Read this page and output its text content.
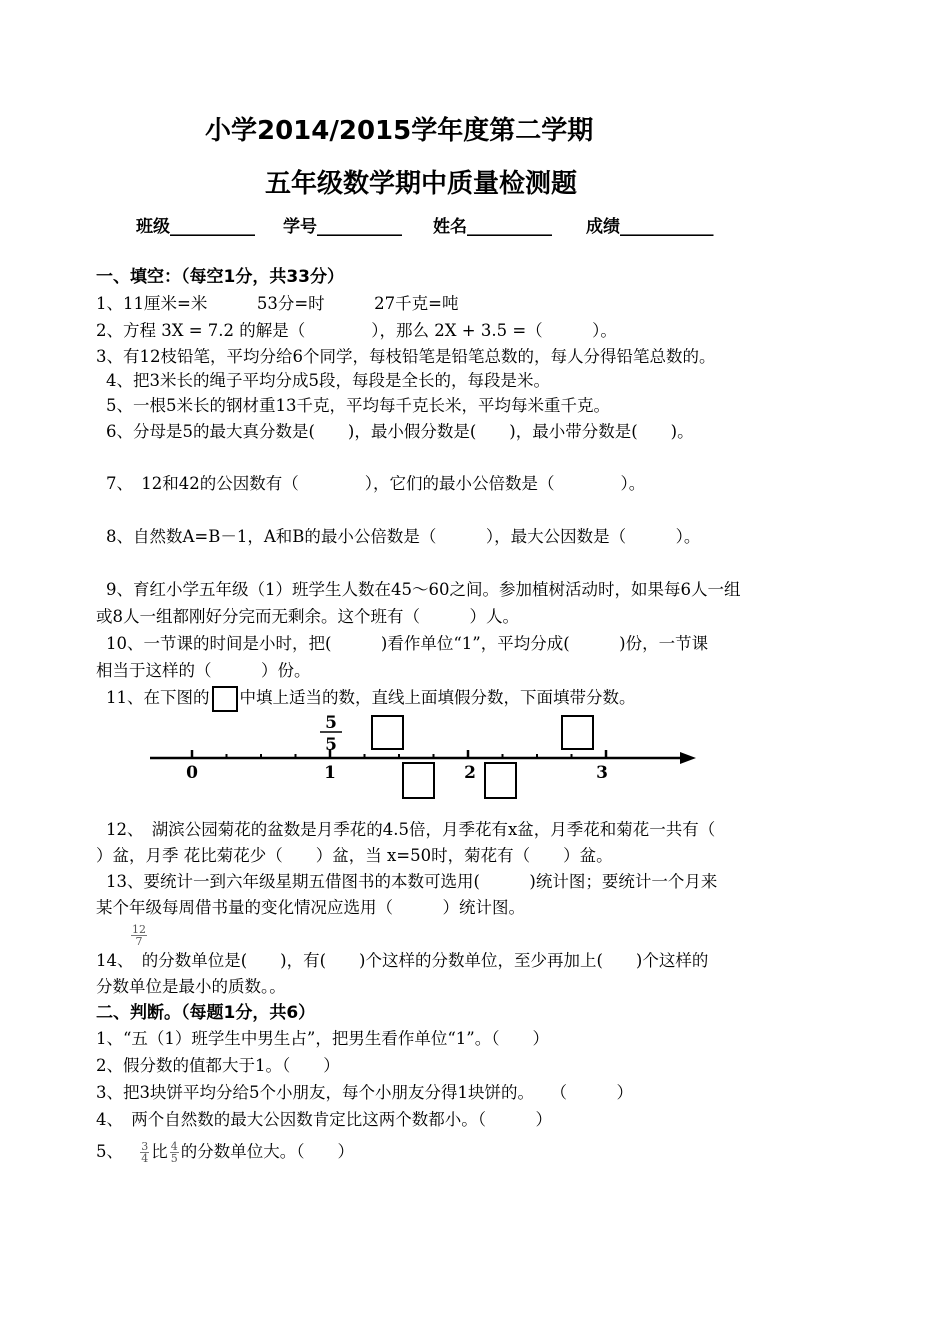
小学2014/2015学年度第二学期
五年级数学期中质量检测题
班级__________ 学号__________ 姓名__________ 成绩___________
一、填空：（每空1分，共33分）
1、11厘米=米　　　53分=时　　　27千克=吨
2、方程 3X = 7.2 的解是（　　　　），那么 2X + 3.5 =（　　　）。
3、有12枝铅笔，平均分给6个同学，每枝铅笔是铅笔总数的，每人分得铅笔总数的。
4、把3米长的绳子平均分成5段，每段是全长的，每段是米。
5、一根5米长的钢材重13千克，平均每千克长米，平均每米重千克。
6、分母是5的最大真分数是(　　)，最小假分数是(　　)，最小带分数是(　　)。
7、　12和42的公因数有（　　　　），它们的最小公倍数是（　　　　）。
8、自然数A=B－1，A和B的最小公倍数是（　　　），最大公因数是（　　　）。
9、育红小学五年级（1）班学生人数在45～60之间。参加植树活动时，如果每6人一组
或8人一组都刚好分完而无剩余。这个班有（　　　）人。
10、一节课的时间是小时，把(　　　)看作单位“1”，平均分成(　　　)份，一节课
相当于这样的（　　　）份。
11、在下图的 中填上适当的数，直线上面填假分数，下面填带分数。
5
5
0	1	2	3
12、　湖滨公园菊花的盆数是月季花的4.5倍，月季花有x盆，月季花和菊花一共有（
）盆，月季 花比菊花少（　　）盆，当 x=50时，菊花有（　　）盆。
13、要统计一到六年级星期五借图书的本数可选用(　　　)统计图；要统计一个月来
某个年级每周借书量的变化情况应选用（　　　）统计图。
$\frac{12}{7}$
14、　的分数单位是(　　)，有(　　)个这样的分数单位，至少再加上(　　)个这样的
分数单位是最小的质数。。
二、判断。（每题1分，共6）
1、“五（1）班学生中男生占”，把男生看作单位“1”。（　　）
2、假分数的值都大于1。（　　）
3、把3块饼平均分给5个小朋友，每个小朋友分得1块饼的。　　（　　　）
4、　两个自然数的最大公因数肯定比这两个数都小。（　　　）
5、 $\frac{3}{4}$ 比 $\frac{4}{5}$ 的分数单位大。（　　）
